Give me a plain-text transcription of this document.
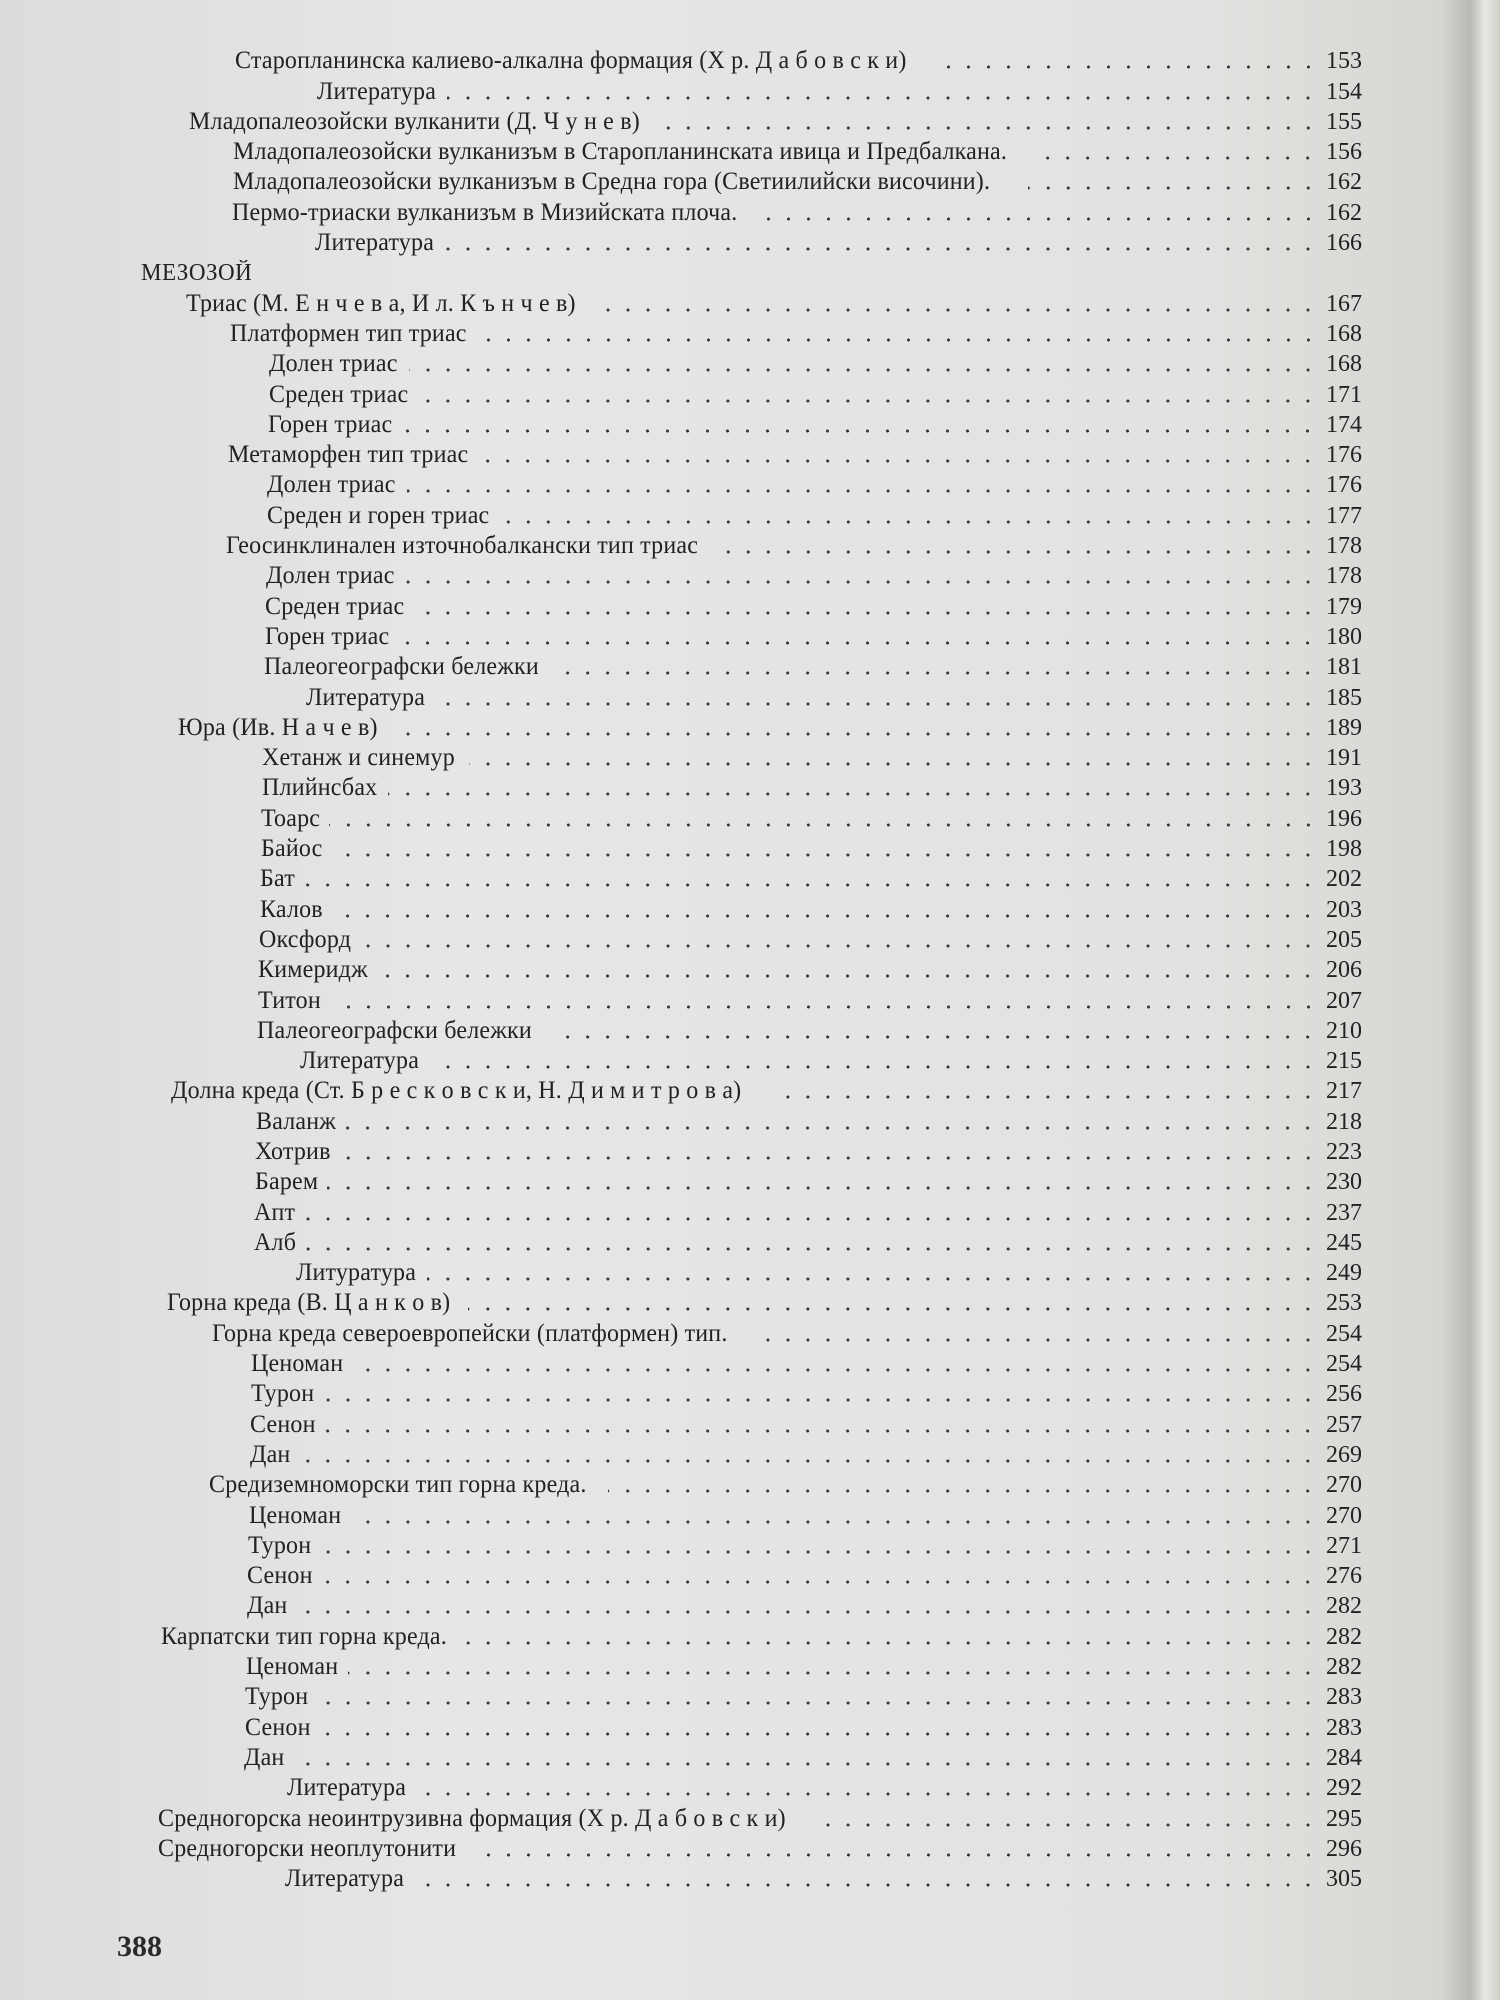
Старопланинска калиево-алкална формация (Х р. Д а б о в с к и)	153
Литература	154
Младопалеозойски вулканити (Д. Ч у н е в)	155
Младопалеозойски вулканизъм в Старопланинската ивица и Предбалкана.	156
Младопалеозойски вулканизъм в Средна гора (Светиилийски височини).	162
Пермо-триаски вулканизъм в Мизийската плоча.	162
Литература	166
МЕЗОЗОЙ
Триас (М. Е н ч е в а, И л. К ъ н ч е в)	167
Платформен тип триас	168
Долен триас	168
Среден триас	171
Горен триас	174
Метаморфен тип триас	176
Долен триас	176
Среден и горен триас	177
Геосинклинален източнобалкански тип триас	178
Долен триас	178
Среден триас	179
Горен триас	180
Палеогеографски бележки	181
Литература	185
Юра (Ив. Н а ч е в)	189
Хетанж и синемур	191
Плийнсбах	193
Тоарс	196
Байос	198
Бат	202
Калов	203
Оксфорд	205
Кимеридж	206
Титон	207
Палеогеографски бележки	210
Литература	215
Долна креда (Ст. Б р е с к о в с к и, Н. Д и м и т р о в а)	217
Валанж	218
Хотрив	223
Барем	230
Апт	237
Алб	245
Литуратура	249
Горна креда (В. Ц а н к о в)	253
Горна креда североевропейски (платформен) тип.	254
Ценоман	254
Турон	256
Сенон	257
Дан	269
Средиземноморски тип горна креда.	270
Ценоман	270
Турон	271
Сенон	276
Дан	282
Карпатски тип горна креда.	282
Ценоман	282
Турон	283
Сенон	283
Дан	284
Литература	292
Средногорска неоинтрузивна формация (Х р. Д а б о в с к и)	295
Средногорски неоплутонити	296
Литература	305
388
